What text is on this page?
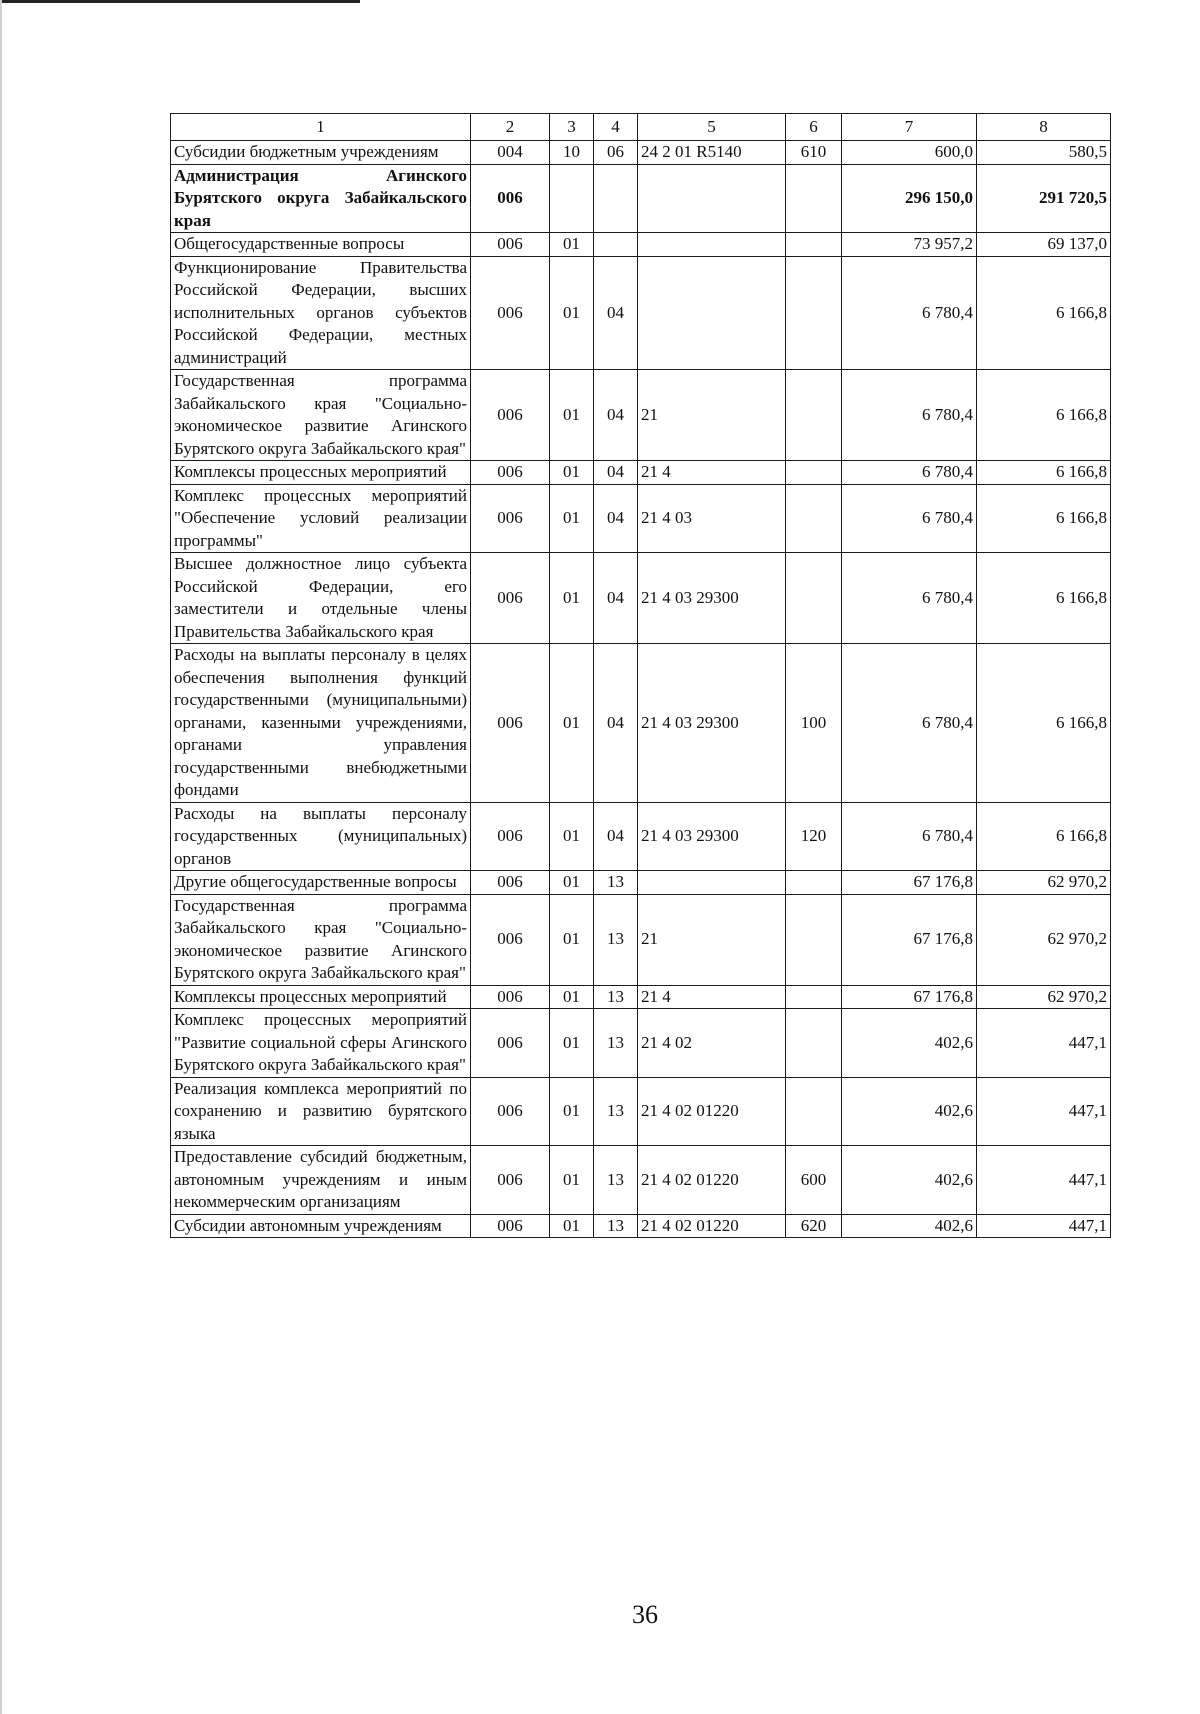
1	2	3	4	5	6	7	8
Субсидии бюджетным учреждениям	004	10	06	24 2 01 R5140	610	600,0	580,5
Администрация Агинского Бурятского округа Забайкальского края	006					296 150,0	291 720,5
Общегосударственные вопросы	006	01				73 957,2	69 137,0
Функционирование Правительства Российской Федерации, высших исполнительных органов субъектов Российской Федерации, местных администраций	006	01	04			6 780,4	6 166,8
Государственная программа Забайкальского края "Социально-экономическое развитие Агинского Бурятского округа Забайкальского края"	006	01	04	21		6 780,4	6 166,8
Комплексы процессных мероприятий	006	01	04	21 4		6 780,4	6 166,8
Комплекс процессных мероприятий "Обеспечение условий реализации программы"	006	01	04	21 4 03		6 780,4	6 166,8
Высшее должностное лицо субъекта Российской Федерации, его заместители и отдельные члены Правительства Забайкальского края	006	01	04	21 4 03 29300		6 780,4	6 166,8
Расходы на выплаты персоналу в целях обеспечения выполнения функций государственными (муниципальными) органами, казенными учреждениями, органами управления государственными внебюджетными фондами	006	01	04	21 4 03 29300	100	6 780,4	6 166,8
Расходы на выплаты персоналу государственных (муниципальных) органов	006	01	04	21 4 03 29300	120	6 780,4	6 166,8
Другие общегосударственные вопросы	006	01	13			67 176,8	62 970,2
Государственная программа Забайкальского края "Социально-экономическое развитие Агинского Бурятского округа Забайкальского края"	006	01	13	21		67 176,8	62 970,2
Комплексы процессных мероприятий	006	01	13	21 4		67 176,8	62 970,2
Комплекс процессных мероприятий "Развитие социальной сферы Агинского Бурятского округа Забайкальского края"	006	01	13	21 4 02		402,6	447,1
Реализация комплекса мероприятий по сохранению и развитию бурятского языка	006	01	13	21 4 02 01220		402,6	447,1
Предоставление субсидий бюджетным, автономным учреждениям и иным некоммерческим организациям	006	01	13	21 4 02 01220	600	402,6	447,1
Субсидии автономным учреждениям	006	01	13	21 4 02 01220	620	402,6	447,1
36
